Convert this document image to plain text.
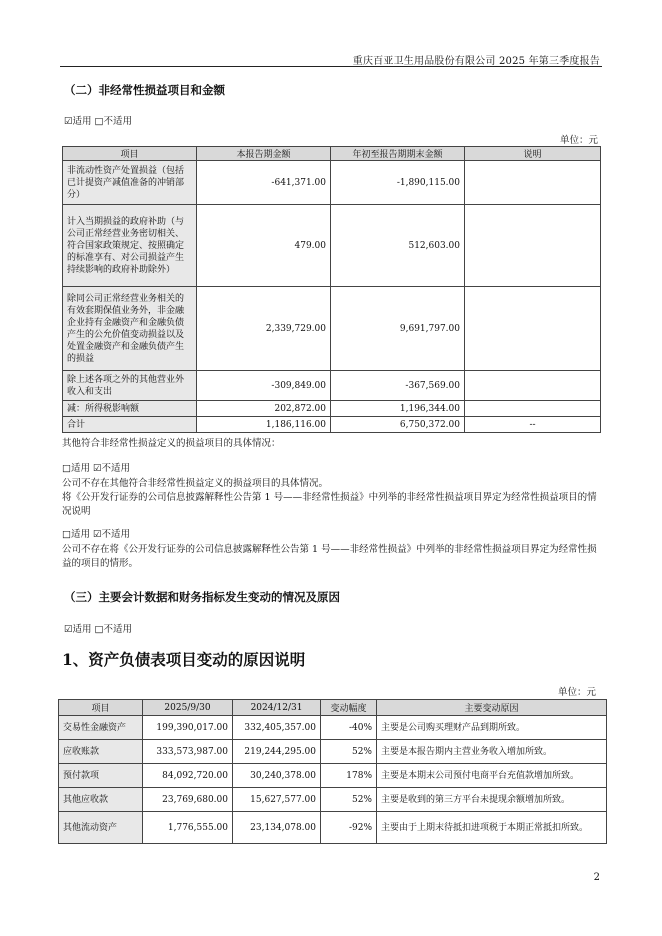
重庆百亚卫生用品股份有限公司 2025 年第三季度报告
（二）非经常性损益项目和金额
☑适用 □不适用
单位：元
项目	本报告期金额	年初至报告期期末金额	说明
非流动性资产处置损益（包括已计提资产减值准备的冲销部分）	-641,371.00	-1,890,115.00	
计入当期损益的政府补助（与公司正常经营业务密切相关、符合国家政策规定、按照确定的标准享有、对公司损益产生持续影响的政府补助除外）	479.00	512,603.00	
除同公司正常经营业务相关的有效套期保值业务外，非金融企业持有金融资产和金融负债产生的公允价值变动损益以及处置金融资产和金融负债产生的损益	2,339,729.00	9,691,797.00	
除上述各项之外的其他营业外收入和支出	-309,849.00	-367,569.00	
减：所得税影响额	202,872.00	1,196,344.00	
合计	1,186,116.00	6,750,372.00	--
其他符合非经常性损益定义的损益项目的具体情况：
□适用 ☑不适用
公司不存在其他符合非经常性损益定义的损益项目的具体情况。
将《公开发行证券的公司信息披露解释性公告第 1 号——非经常性损益》中列举的非经常性损益项目界定为经常性损益项目的情况说明
□适用 ☑不适用
公司不存在将《公开发行证券的公司信息披露解释性公告第 1 号——非经常性损益》中列举的非经常性损益项目界定为经常性损益的项目的情形。
（三）主要会计数据和财务指标发生变动的情况及原因
☑适用 □不适用
1、资产负债表项目变动的原因说明
单位：元
项目	2025/9/30	2024/12/31	变动幅度	主要变动原因
交易性金融资产	199,390,017.00	332,405,357.00	-40%	主要是公司购买理财产品到期所致。
应收账款	333,573,987.00	219,244,295.00	52%	主要是本报告期内主营业务收入增加所致。
预付款项	84,092,720.00	30,240,378.00	178%	主要是本期末公司预付电商平台充值款增加所致。
其他应收款	23,769,680.00	15,627,577.00	52%	主要是收到的第三方平台未提现余额增加所致。
其他流动资产	1,776,555.00	23,134,078.00	-92%	主要由于上期末待抵扣进项税于本期正常抵扣所致。
2
